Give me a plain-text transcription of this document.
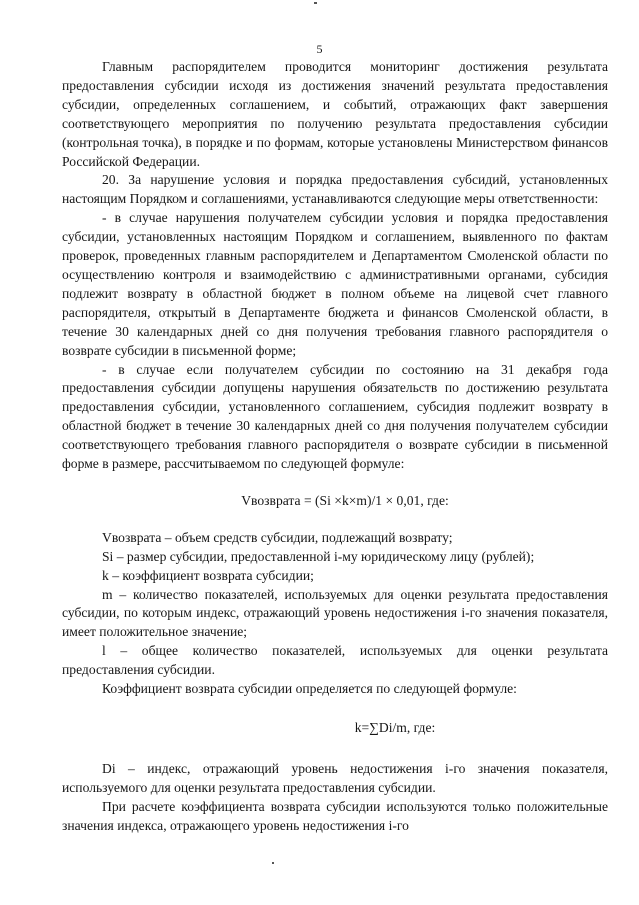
5

Главным распорядителем проводится мониторинг достижения результата предоставления субсидии исходя из достижения значений результата предоставления субсидии, определенных соглашением, и событий, отражающих факт завершения соответствующего мероприятия по получению результата предоставления субсидии (контрольная точка), в порядке и по формам, которые установлены Министерством финансов Российской Федерации.

20. За нарушение условия и порядка предоставления субсидий, установленных настоящим Порядком и соглашениями, устанавливаются следующие меры ответственности:

- в случае нарушения получателем субсидии условия и порядка предоставления субсидии, установленных настоящим Порядком и соглашением, выявленного по фактам проверок, проведенных главным распорядителем и Департаментом Смоленской области по осуществлению контроля и взаимодействию с административными органами, субсидия подлежит возврату в областной бюджет в полном объеме на лицевой счет главного распорядителя, открытый в Департаменте бюджета и финансов Смоленской области, в течение 30 календарных дней со дня получения требования главного распорядителя о возврате субсидии в письменной форме;

- в случае если получателем субсидии по состоянию на 31 декабря года предоставления субсидии допущены нарушения обязательств по достижению результата предоставления субсидии, установленного соглашением, субсидия подлежит возврату в областной бюджет в течение 30 календарных дней со дня получения получателем субсидии соответствующего требования главного распорядителя о возврате субсидии в письменной форме в размере, рассчитываемом по следующей формуле:

Vвозврата = (Si ×k×m)/1 × 0,01, где:

Vвозврата – объем средств субсидии, подлежащий возврату;

Si – размер субсидии, предоставленной i-му юридическому лицу (рублей);

k – коэффициент возврата субсидии;

m – количество показателей, используемых для оценки результата предоставления субсидии, по которым индекс, отражающий уровень недостижения i-го значения показателя, имеет положительное значение;

l – общее количество показателей, используемых для оценки результата предоставления субсидии.

Коэффициент возврата субсидии определяется по следующей формуле:

k=∑Di/m, где:

Di – индекс, отражающий уровень недостижения i-го значения показателя, используемого для оценки результата предоставления субсидии.

При расчете коэффициента возврата субсидии используются только положительные значения индекса, отражающего уровень недостижения i-го
